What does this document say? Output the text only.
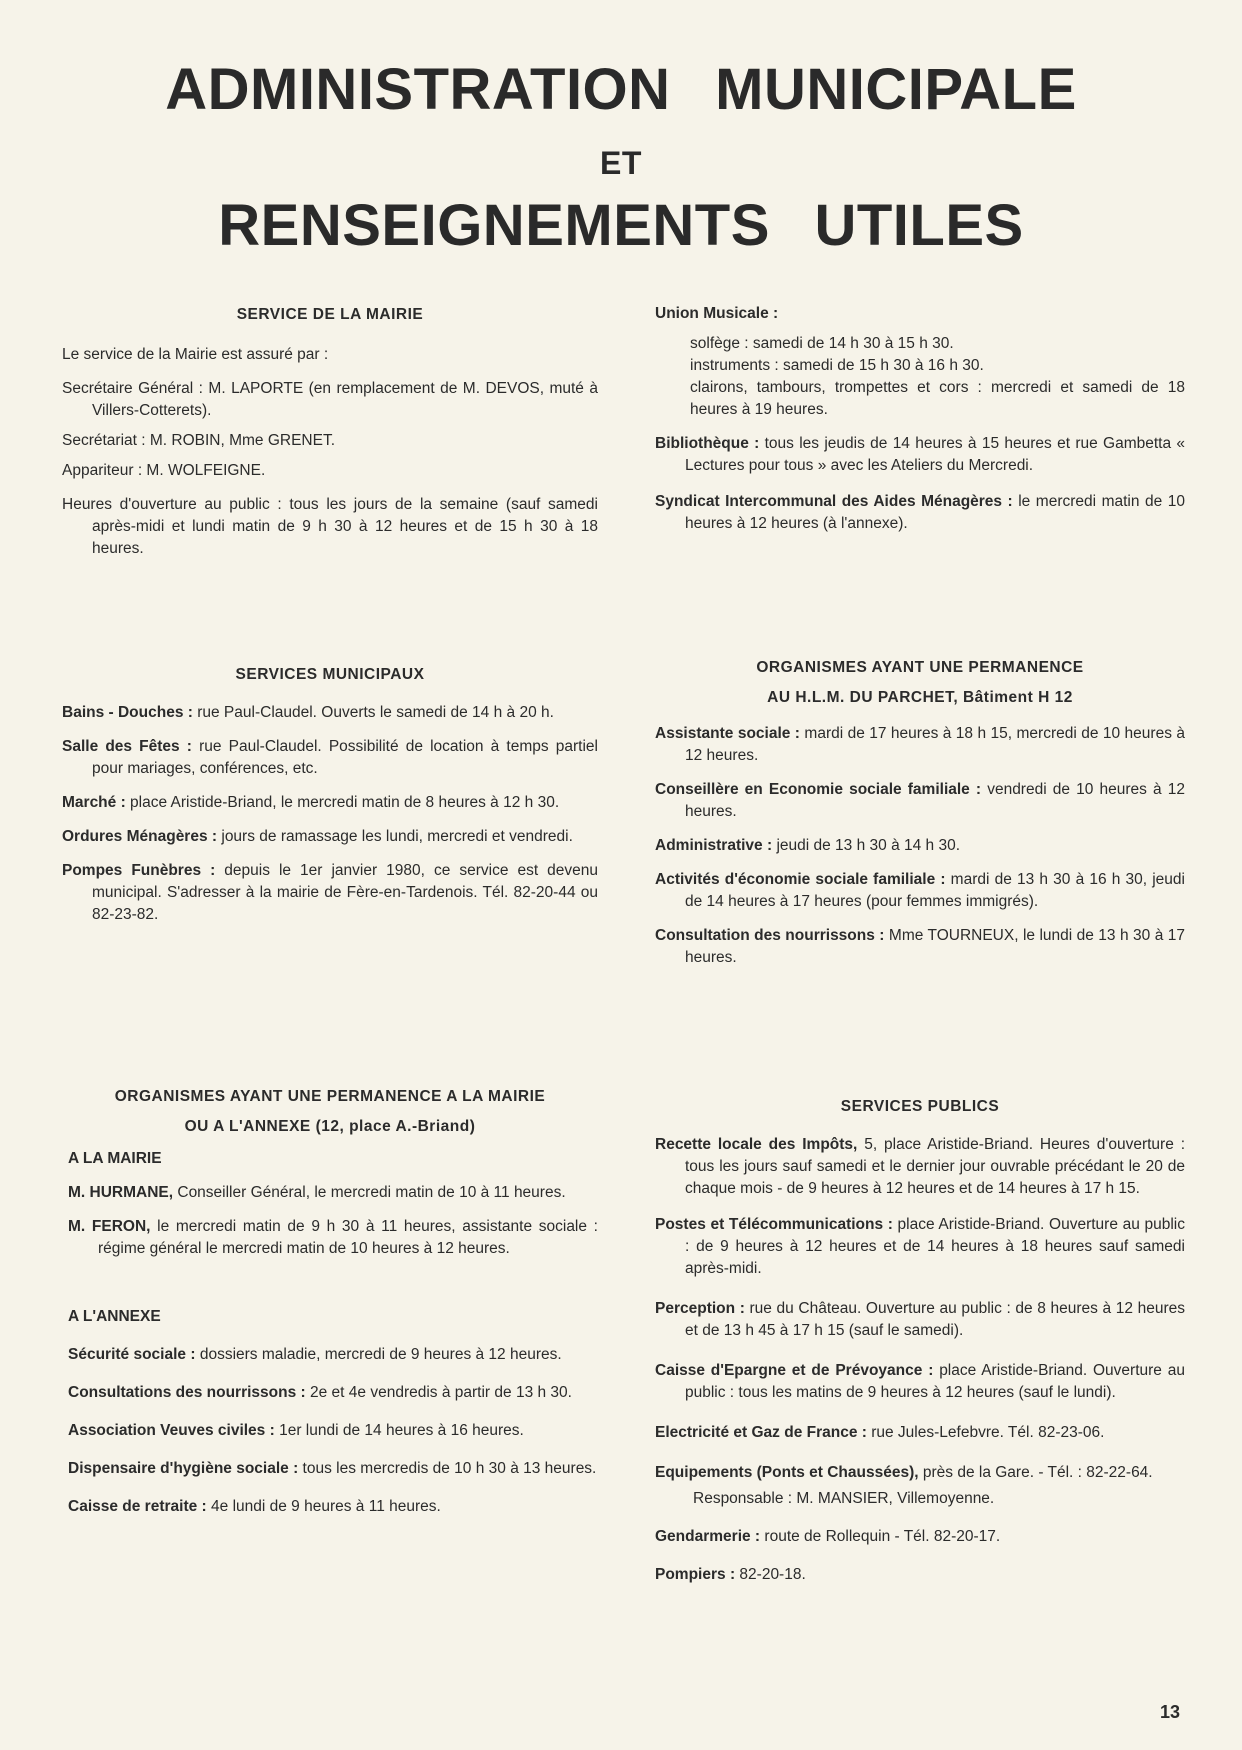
ADMINISTRATION MUNICIPALE
ET
RENSEIGNEMENTS UTILES

SERVICE DE LA MAIRIE

Le service de la Mairie est assuré par :

Secrétaire Général : M. LAPORTE (en remplacement de M. DEVOS, muté à Villers-Cotterets).

Secrétariat : M. ROBIN, Mme GRENET.

Appariteur : M. WOLFEIGNE.

Heures d'ouverture au public : tous les jours de la semaine (sauf samedi après-midi et lundi matin de 9 h 30 à 12 heures et de 15 h 30 à 18 heures.

Union Musicale :

solfège : samedi de 14 h 30 à 15 h 30.

instruments : samedi de 15 h 30 à 16 h 30.

clairons, tambours, trompettes et cors : mercredi et samedi de 18 heures à 19 heures.

Bibliothèque : tous les jeudis de 14 heures à 15 heures et rue Gambetta « Lectures pour tous » avec les Ateliers du Mercredi.

Syndicat Intercommunal des Aides Ménagères : le mercredi matin de 10 heures à 12 heures (à l'annexe).

SERVICES MUNICIPAUX

Bains - Douches : rue Paul-Claudel. Ouverts le samedi de 14 h à 20 h.

Salle des Fêtes : rue Paul-Claudel. Possibilité de location à temps partiel pour mariages, conférences, etc.

Marché : place Aristide-Briand, le mercredi matin de 8 heures à 12 h 30.

Ordures Ménagères : jours de ramassage les lundi, mercredi et vendredi.

Pompes Funèbres : depuis le 1er janvier 1980, ce service est devenu municipal. S'adresser à la mairie de Fère-en-Tardenois. Tél. 82-20-44 ou 82-23-82.

ORGANISMES AYANT UNE PERMANENCE

AU H.L.M. DU PARCHET, Bâtiment H 12

Assistante sociale : mardi de 17 heures à 18 h 15, mercredi de 10 heures à 12 heures.

Conseillère en Economie sociale familiale : vendredi de 10 heures à 12 heures.

Administrative : jeudi de 13 h 30 à 14 h 30.

Activités d'économie sociale familiale : mardi de 13 h 30 à 16 h 30, jeudi de 14 heures à 17 heures (pour femmes immigrés).

Consultation des nourrissons : Mme TOURNEUX, le lundi de 13 h 30 à 17 heures.

ORGANISMES AYANT UNE PERMANENCE A LA MAIRIE

OU A L'ANNEXE (12, place A.-Briand)

A LA MAIRIE

M. HURMANE, Conseiller Général, le mercredi matin de 10 à 11 heures.

M. FERON, le mercredi matin de 9 h 30 à 11 heures, assistante sociale : régime général le mercredi matin de 10 heures à 12 heures.

A L'ANNEXE

Sécurité sociale : dossiers maladie, mercredi de 9 heures à 12 heures.

Consultations des nourrissons : 2e et 4e vendredis à partir de 13 h 30.

Association Veuves civiles : 1er lundi de 14 heures à 16 heures.

Dispensaire d'hygiène sociale : tous les mercredis de 10 h 30 à 13 heures.

Caisse de retraite : 4e lundi de 9 heures à 11 heures.

SERVICES PUBLICS

Recette locale des Impôts, 5, place Aristide-Briand. Heures d'ouverture : tous les jours sauf samedi et le dernier jour ouvrable précédant le 20 de chaque mois - de 9 heures à 12 heures et de 14 heures à 17 h 15.

Postes et Télécommunications : place Aristide-Briand. Ouverture au public : de 9 heures à 12 heures et de 14 heures à 18 heures sauf samedi après-midi.

Perception : rue du Château. Ouverture au public : de 8 heures à 12 heures et de 13 h 45 à 17 h 15 (sauf le samedi).

Caisse d'Epargne et de Prévoyance : place Aristide-Briand. Ouverture au public : tous les matins de 9 heures à 12 heures (sauf le lundi).

Electricité et Gaz de France : rue Jules-Lefebvre. Tél. 82-23-06.

Equipements (Ponts et Chaussées), près de la Gare. - Tél. : 82-22-64.

Responsable : M. MANSIER, Villemoyenne.

Gendarmerie : route de Rollequin - Tél. 82-20-17.

Pompiers : 82-20-18.

13
